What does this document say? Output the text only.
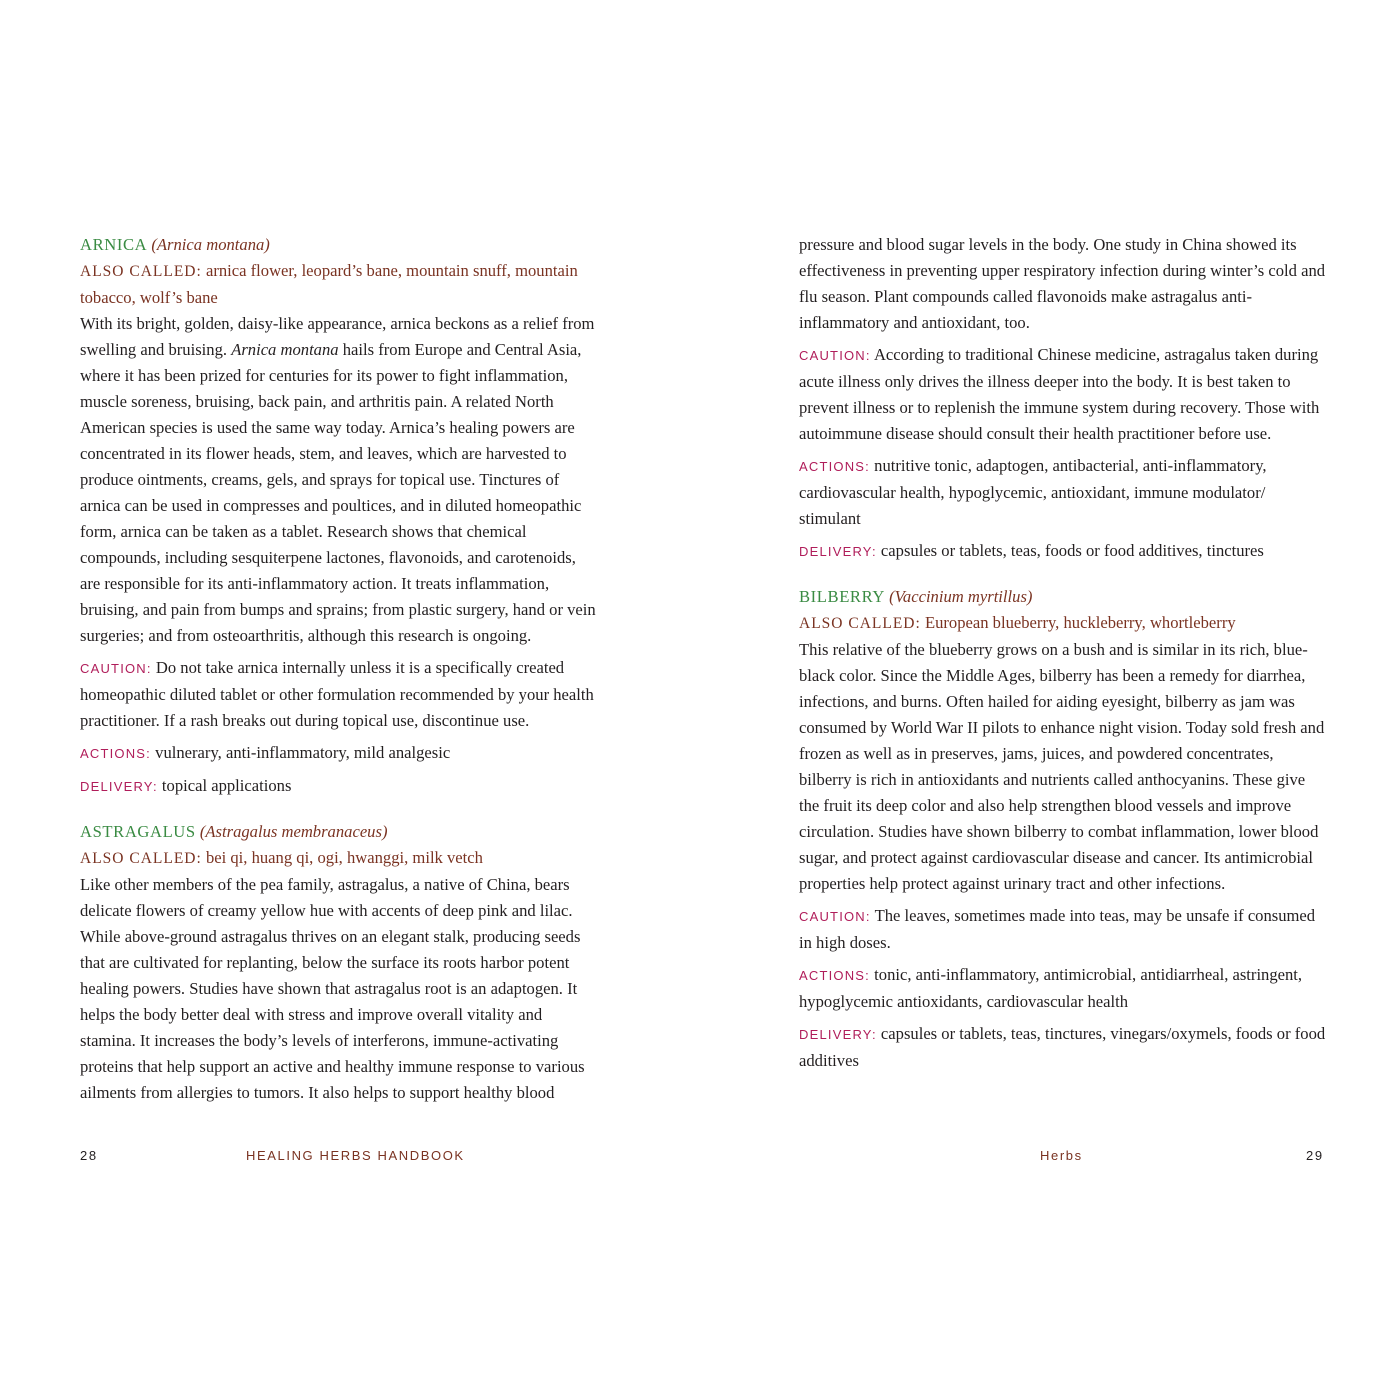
ARNICA (Arnica montana)

ALSO CALLED: arnica flower, leopard’s bane, mountain snuff, mountain tobacco, wolf’s bane

With its bright, golden, daisy-like appearance, arnica beckons as a relief from swelling and bruising. Arnica montana hails from Europe and Central Asia, where it has been prized for centuries for its power to fight inflammation, muscle soreness, bruising, back pain, and arthritis pain. A related North American species is used the same way today. Arnica’s healing powers are concentrated in its flower heads, stem, and leaves, which are harvested to produce ointments, creams, gels, and sprays for topical use. Tinctures of arnica can be used in compresses and poultices, and in diluted homeopathic form, arnica can be taken as a tablet. Research shows that chemical compounds, including sesquiterpene lactones, flavonoids, and carotenoids, are responsible for its anti-inflammatory action. It treats inflammation, bruising, and pain from bumps and sprains; from plastic surgery, hand or vein surgeries; and from osteoarthritis, although this research is ongoing.

CAUTION: Do not take arnica internally unless it is a specifically created homeopathic diluted tablet or other formulation recommended by your health practitioner. If a rash breaks out during topical use, discontinue use.

ACTIONS: vulnerary, anti-inflammatory, mild analgesic

DELIVERY: topical applications

ASTRAGALUS (Astragalus membranaceus)

ALSO CALLED: bei qi, huang qi, ogi, hwanggi, milk vetch

Like other members of the pea family, astragalus, a native of China, bears delicate flowers of creamy yellow hue with accents of deep pink and lilac. While above-ground astragalus thrives on an elegant stalk, producing seeds that are cultivated for replanting, below the surface its roots harbor potent healing powers. Studies have shown that astragalus root is an adaptogen. It helps the body better deal with stress and improve overall vitality and stamina. It increases the body’s levels of interferons, immune-activating proteins that help support an active and healthy immune response to various ailments from allergies to tumors. It also helps to support healthy blood

28	HEALING HERBS HANDBOOK

pressure and blood sugar levels in the body. One study in China showed its effectiveness in preventing upper respiratory infection during winter’s cold and flu season. Plant compounds called flavonoids make astragalus anti-inflammatory and antioxidant, too.

CAUTION: According to traditional Chinese medicine, astragalus taken during acute illness only drives the illness deeper into the body. It is best taken to prevent illness or to replenish the immune system during recovery. Those with autoimmune disease should consult their health practitioner before use.

ACTIONS: nutritive tonic, adaptogen, antibacterial, anti-inflammatory, cardiovascular health, hypoglycemic, antioxidant, immune modulator/ stimulant

DELIVERY: capsules or tablets, teas, foods or food additives, tinctures

BILBERRY (Vaccinium myrtillus)

ALSO CALLED: European blueberry, huckleberry, whortleberry

This relative of the blueberry grows on a bush and is similar in its rich, blue-black color. Since the Middle Ages, bilberry has been a remedy for diarrhea, infections, and burns. Often hailed for aiding eyesight, bilberry as jam was consumed by World War II pilots to enhance night vision. Today sold fresh and frozen as well as in preserves, jams, juices, and powdered concentrates, bilberry is rich in antioxidants and nutrients called anthocyanins. These give the fruit its deep color and also help strengthen blood vessels and improve circulation. Studies have shown bilberry to combat inflammation, lower blood sugar, and protect against cardiovascular disease and cancer. Its antimicrobial properties help protect against urinary tract and other infections.

CAUTION: The leaves, sometimes made into teas, may be unsafe if consumed in high doses.

ACTIONS: tonic, anti-inflammatory, antimicrobial, antidiarrheal, astringent, hypoglycemic antioxidants, cardiovascular health

DELIVERY: capsules or tablets, teas, tinctures, vinegars/oxymels, foods or food additives

Herbs	29
